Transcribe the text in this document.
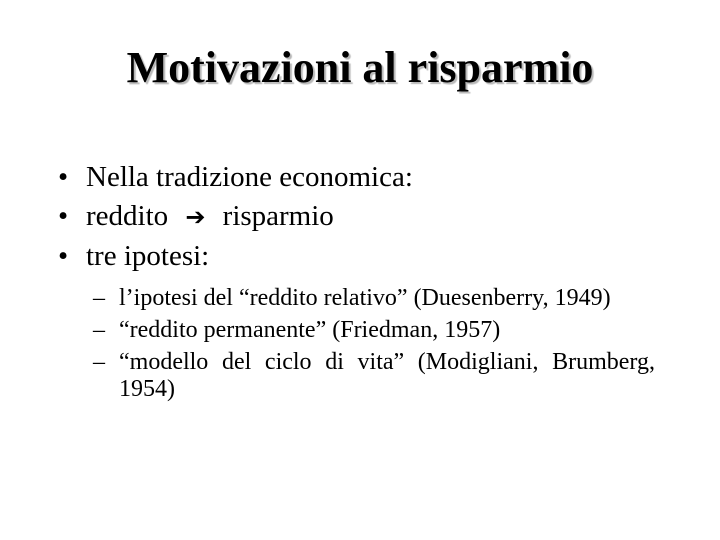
Motivazioni al risparmio
• Nella tradizione economica:
• reddito ➔ risparmio
• tre ipotesi:
– l’ipotesi del “reddito relativo” (Duesenberry, 1949)
– “reddito permanente” (Friedman, 1957)
– “modello del ciclo di vita” (Modigliani, Brumberg, 1954)
